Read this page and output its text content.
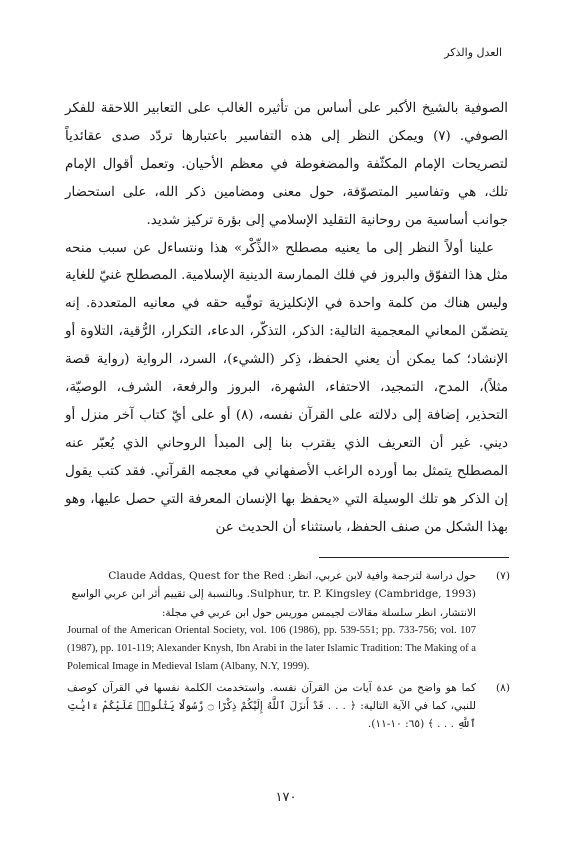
العدل والذكر

الصوفية بالشيخ الأكبر على أساس من تأثيره الغالب على التعابير اللاحقة للفكر الصوفي. (٧) ويمكن النظر إلى هذه التفاسير باعتبارها تردّد صدى عقائدياً لتصريحات الإمام المكثّفة والمضغوطة في معظم الأحيان. وتعمل أقوال الإمام تلك، هي وتفاسير المتصوّفة، حول معنى ومضامين ذكر الله، على استحضار جوانب أساسية من روحانية التقليد الإسلامي إلى بؤرة تركيز شديد.

علينا أولاً النظر إلى ما يعنيه مصطلح «الذِّكْر» هذا ونتساءل عن سبب منحه مثل هذا التفوّق والبروز في فلك الممارسة الدينية الإسلامية. المصطلح غنيّ للغاية وليس هناك من كلمة واحدة في الإنكليزية توفّيه حقه في معانيه المتعددة. إنه يتضمّن المعاني المعجمية التالية: الذكر، التذكّر، الدعاء، التكرار، الرُّقية، التلاوة أو الإنشاد؛ كما يمكن أن يعني الحفظ، ذِكر (الشيء)، السرد، الرواية (رواية قصة مثلاً)، المدح، التمجيد، الاحتفاء، الشهرة، البروز والرفعة، الشرف، الوصيّة، التحذير، إضافة إلى دلالته على القرآن نفسه، (٨) أو على أيّ كتاب آخر منزل أو ديني. غير أن التعريف الذي يقترب بنا إلى المبدأ الروحاني الذي يُعبّر عنه المصطلح يتمثل بما أورده الراغب الأصفهاني في معجمه القرآني. فقد كتب يقول إن الذكر هو تلك الوسيلة التي «يحفظ بها الإنسان المعرفة التي حصل عليها، وهو بهذا الشكل من صنف الحفظ، باستثناء أن الحديث عن

(٧)
حول دراسة لترجمة وافية لابن عربي، انظر: Claude Addas, Quest for the Red
Sulphur, tr. P. Kingsley (Cambridge, 1993). وبالنسبة إلى تقييم أثر ابن عربي الواسع
الانتشار، انظر سلسلة مقالات لجيمس موريس حول ابن عربي في مجلة:
Journal of the American Oriental Society, vol. 106 (1986), pp. 539-551; pp. 733-756; vol. 107 (1987), pp. 101-119; Alexander Knysh, Ibn Arabi in the later Islamic Tradition: The Making of a Polemical Image in Medieval Islam (Albany, N.Y, 1999).
(٨)
كما هو واضح من عدة آيات من القرآن نفسه. واستخدمت الكلمة نفسها في القرآن كوصف للنبي، كما في الآية التالية: ﴿ . . . قَدْ أَنزَلَ ٱللَّهُ إِلَيْكُمْ ذِكْرًا ۝ رَّسُولًا يَتْلُوا۟ عَلَيْكُمْ ءَايَٰتِ ٱللَّهِ . . . ﴾ (٦٥: ١٠-١١).
١٧٠
